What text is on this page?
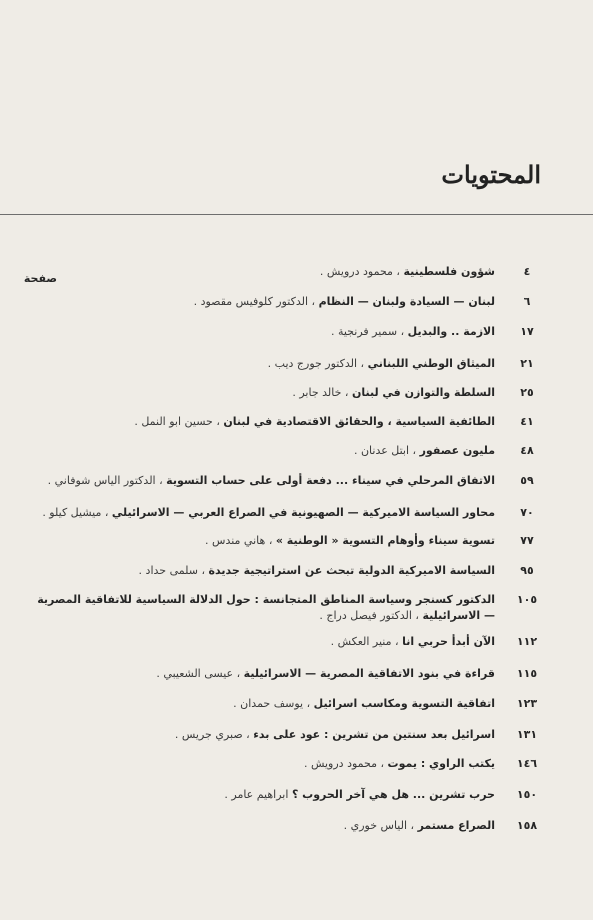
المحتويات
صفحة
٤
شؤون فلسطينية ، محمود درويش .
٦
لبنان — السيادة ولبنان — النظام ، الدكتور كلوفيس مقصود .
١٧
الازمة .. والبديل ، سمير فرنجية .
٢١
الميثاق الوطني اللبناني ، الدكتور جورج ديب .
٢٥
السلطة والتوازن في لبنان ، خالد جابر .
٤١
الطائفية السياسية ، والحقائق الاقتصادية في لبنان ، حسين ابو النمل .
٤٨
مليون عصفور ، ابتل عدنان .
٥٩
الاتفاق المرحلي في سيناء ... دفعة أولى على حساب التسوية ، الدكتور الياس شوفاني .
٧٠
محاور السياسة الاميركية — الصهيونية في الصراع العربي — الاسرائيلي ، ميشيل كيلو .
٧٧
تسوية سيناء وأوهام التسوية « الوطنية » ، هاني مندس .
٩٥
السياسة الاميركية الدولية تبحث عن استراتيجية جديدة ، سلمى حداد .
١٠٥
الدكتور كسنجر وسياسة المناطق المتجانسة : حول الدلالة السياسية للاتفاقية المصرية — الاسرائيلية ، الدكتور فيصل دراج .
١١٢
الآن أبدأ حربي انا ، منير العكش .
١١٥
قراءة في بنود الاتفاقية المصرية — الاسرائيلية ، عيسى الشعيبي .
١٢٣
اتفاقية التسوية ومكاسب اسرائيل ، يوسف حمدان .
١٣١
اسرائيل بعد سنتين من تشرين : عود على بدء ، صبري جريس .
١٤٦
يكتب الراوي : يموت ، محمود درويش .
١٥٠
حرب تشرين ... هل هي آخر الحروب ؟ ابراهيم عامر .
١٥٨
الصراع مستمر ، الياس خوري .
